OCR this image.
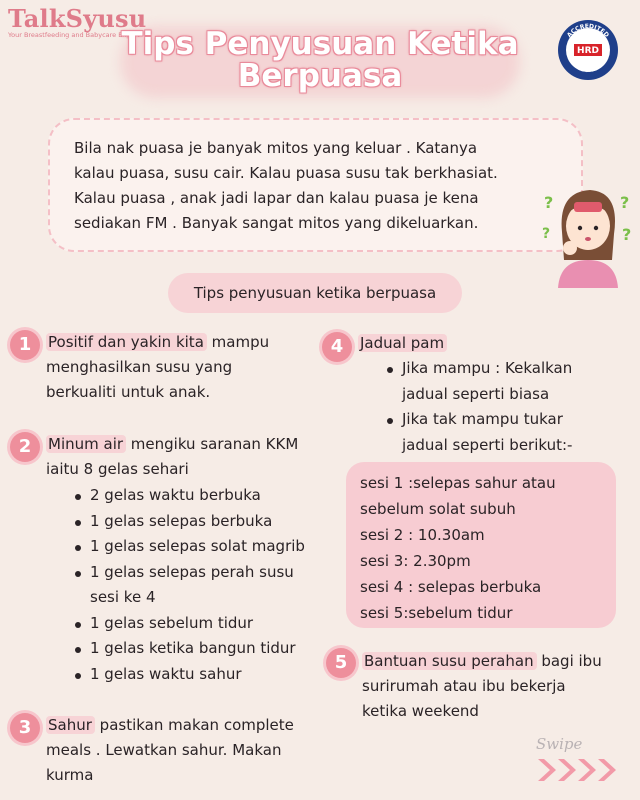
TalkSyusu
Your Breastfeeding and Babycare Expert
Tips Penyusuan Ketika
Berpuasa
ACCREDITED
TRAINER
HRD
Bila nak puasa je banyak mitos yang keluar . Katanya
kalau puasa, susu cair. Kalau puasa susu tak berkhasiat.
Kalau puasa , anak jadi lapar dan kalau puasa je kena
sediakan FM . Banyak sangat mitos yang dikeluarkan.
?	?
?
?
Tips penyusuan ketika berpuasa
1	Positif dan yakin kita mampu
menghasilkan susu yang
berkualiti untuk anak.
2	Minum air mengiku saranan KKM
iaitu 8 gelas sehari
2 gelas waktu berbuka
1 gelas selepas berbuka
1 gelas selepas solat magrib
1 gelas selepas perah susu
sesi ke 4
1 gelas sebelum tidur
1 gelas ketika bangun tidur
1 gelas waktu sahur
3	Sahur pastikan makan complete
meals . Lewatkan sahur. Makan
kurma
4	Jadual pam
Jika mampu : Kekalkan
jadual seperti biasa
Jika tak mampu tukar
jadual seperti berikut:-
sesi 1 :selepas sahur atau
sebelum solat subuh
sesi 2 : 10.30am
sesi 3: 2.30pm
sesi 4 : selepas berbuka
sesi 5:sebelum tidur
5	Bantuan susu perahan bagi ibu
surirumah atau ibu bekerja
ketika weekend
Swipe
